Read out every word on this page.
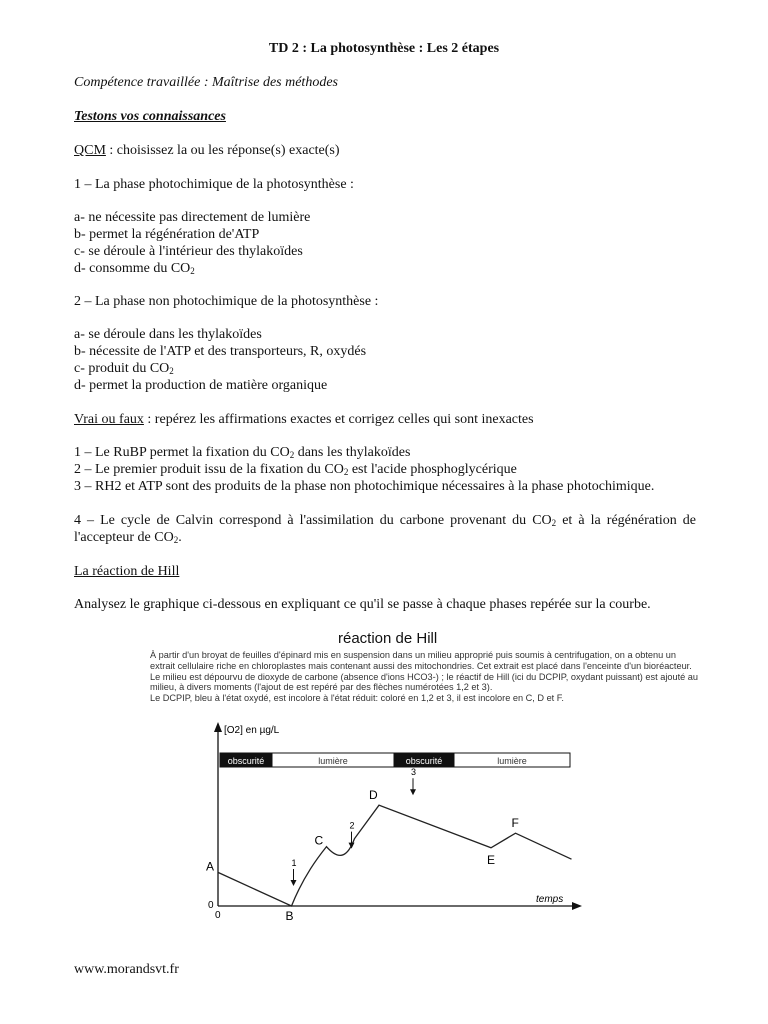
TD 2 : La photosynthèse : Les 2 étapes
Compétence travaillée : Maîtrise des méthodes
Testons vos connaissances
QCM : choisissez la ou les réponse(s) exacte(s)
1 – La phase photochimique de la photosynthèse :
a- ne nécessite pas directement de lumière
b- permet la régénération de'ATP
c- se déroule à l'intérieur des thylakoïdes
d- consomme du $CO_2$
2 – La phase non photochimique de la photosynthèse :
a- se déroule dans les thylakoïdes
b- nécessite de l'ATP et des transporteurs, R, oxydés
c- produit du $CO_2$
d- permet la production de matière organique
Vrai ou faux : repérez les affirmations exactes et corrigez celles qui sont inexactes
1 – Le RuBP permet la fixation du $CO_2$ dans les thylakoïdes
2 – Le premier produit issu de la fixation du $CO_2$ est l'acide phosphoglycérique
3 – RH2 et ATP sont des produits de la phase non photochimique nécessaires à la phase photochimique.
4 – Le cycle de Calvin correspond à l'assimilation du carbone provenant du $CO_2$ et à la régénération de l'accepteur de $CO_2$.
La réaction de Hill
Analysez le graphique ci-dessous en expliquant ce qu'il se passe à chaque phases repérée sur la courbe.
réaction de Hill
À partir d'un broyat de feuilles d'épinard mis en suspension dans un milieu approprié puis soumis à centrifugation, on a obtenu un
extrait cellulaire riche en chloroplastes mais contenant aussi des mitochondries. Cet extrait est placé dans l'enceinte d'un bioréacteur.
Le milieu est dépourvu de dioxyde de carbone (absence d'ions HCO3-) ; le réactif de Hill (ici du DCPIP, oxydant puissant) est ajouté au
milieu, à divers moments (l'ajout de est repéré par des flèches numérotées 1,2 et 3).
Le DCPIP, bleu à l'état oxydé, est incolore à l'état réduit: coloré en 1,2 et 3, il est incolore en C, D et F.
[O2] en µg/L
temps
0
0
obscurité	lumière	obscurité	lumière
A
B
C
D
E
F
1
2
3
www.morandsvt.fr
